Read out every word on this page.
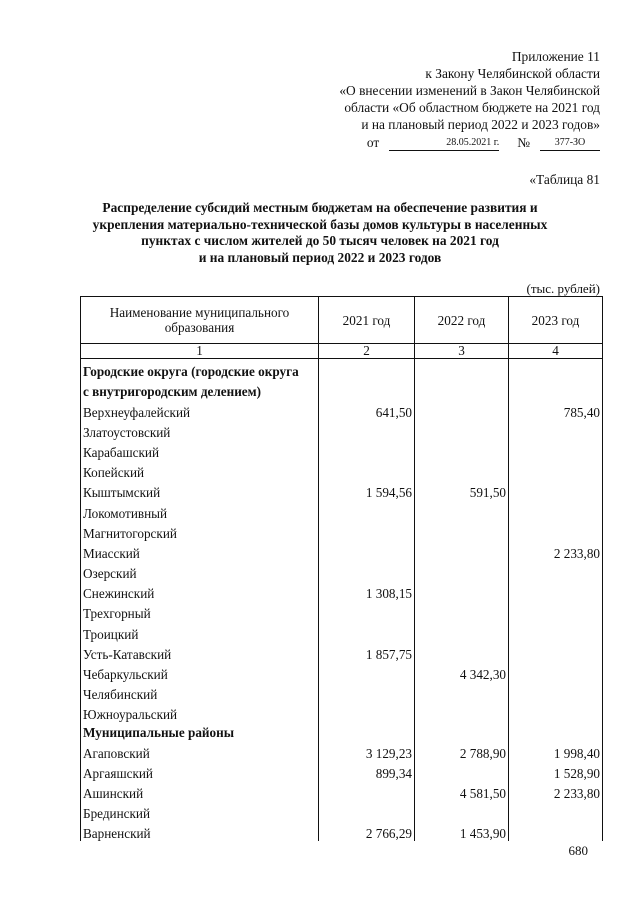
Приложение 11
к Закону Челябинской области
«О внесении изменений в Закон Челябинской
области «Об областном бюджете на 2021 год
и на плановый период 2022 и 2023 годов»
от	28.05.2021 г. № 377-ЗО
«Таблица 81
Распределение субсидий местным бюджетам на обеспечение развития и
укрепления материально-технической базы домов культуры в населенных
пунктах с числом жителей до 50 тысяч человек на 2021 год
и на плановый период 2022 и 2023 годов
(тыс. рублей)
Наименование муниципального образования	2021 год	2022 год	2023 год
1	2	3	4
Городские округа (городские округа			
с внутригородским делением)			
Верхнеуфалейский	641,50		785,40
Златоустовский			
Карабашский			
Копейский			
Кыштымский	1 594,56	591,50	
Локомотивный			
Магнитогорский			
Миасский			2 233,80
Озерский			
Снежинский	1 308,15		
Трехгорный			
Троицкий			
Усть-Катавский	1 857,75		
Чебаркульский		4 342,30	
Челябинский			
Южноуральский			
Муниципальные районы			
Агаповский	3 129,23	2 788,90	1 998,40
Аргаяшский	899,34		1 528,90
Ашинский		4 581,50	2 233,80
Брединский			
Варненский	2 766,29	1 453,90	
680
